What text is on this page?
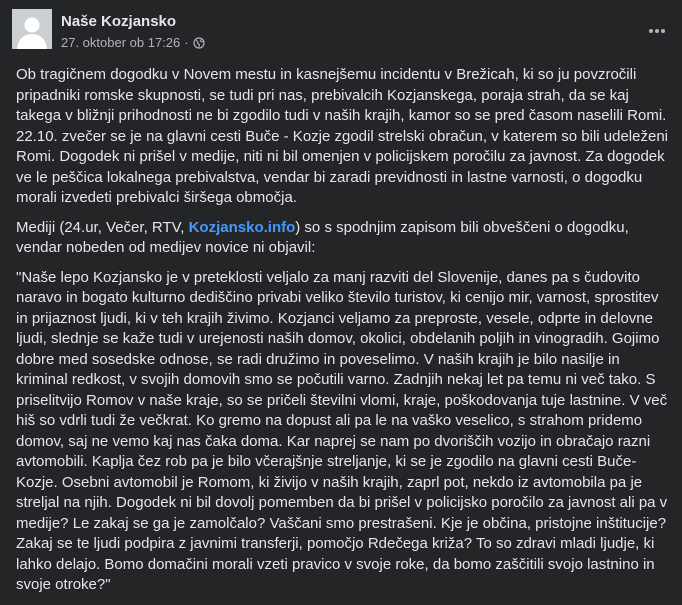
Naše Kozjansko
27. oktober ob 17:26 ·

Ob tragičnem dogodku v Novem mestu in kasnejšemu incidentu v Brežicah, ki so ju povzročili pripadniki romske skupnosti, se tudi pri nas, prebivalcih Kozjanskega, poraja strah, da se kaj takega v bližnji prihodnosti ne bi zgodilo tudi v naših krajih, kamor so se pred časom naselili Romi. 22.10. zvečer se je na glavni cesti Buče - Kozje zgodil strelski obračun, v katerem so bili udeleženi Romi. Dogodek ni prišel v medije, niti ni bil omenjen v policijskem poročilu za javnost. Za dogodek ve le peščica lokalnega prebivalstva, vendar bi zaradi previdnosti in lastne varnosti, o dogodku morali izvedeti prebivalci širšega območja.

Mediji (24.ur, Večer, RTV, Kozjansko.info) so s spodnjim zapisom bili obveščeni o dogodku, vendar nobeden od medijev novice ni objavil:

"Naše lepo Kozjansko je v preteklosti veljalo za manj razviti del Slovenije, danes pa s čudovito naravo in bogato kulturno dediščino privabi veliko število turistov, ki cenijo mir, varnost, sprostitev in prijaznost ljudi, ki v teh krajih živimo. Kozjanci veljamo za preproste, vesele, odprte in delovne ljudi, slednje se kaže tudi v urejenosti naših domov, okolici, obdelanih poljih in vinogradih. Gojimo dobre med sosedske odnose, se radi družimo in poveselimo. V naših krajih je bilo nasilje in kriminal redkost, v svojih domovih smo se počutili varno. Zadnjih nekaj let pa temu ni več tako. S priselitvijo Romov v naše kraje, so se pričeli številni vlomi, kraje, poškodovanja tuje lastnine. V več hiš so vdrli tudi že večkrat. Ko gremo na dopust ali pa le na vaško veselico, s strahom pridemo domov, saj ne vemo kaj nas čaka doma. Kar naprej se nam po dvoriščih vozijo in obračajo razni avtomobili. Kaplja čez rob pa je bilo včerajšnje streljanje, ki se je zgodilo na glavni cesti Buče-Kozje. Osebni avtomobil je Romom, ki živijo v naših krajih, zaprl pot, nekdo iz avtomobila pa je streljal na njih. Dogodek ni bil dovolj pomemben da bi prišel v policijsko poročilo za javnost ali pa v medije? Le zakaj se ga je zamolčalo? Vaščani smo prestrašeni. Kje je občina, pristojne inštitucije? Zakaj se te ljudi podpira z javnimi transferji, pomočjo Rdečega križa? To so zdravi mladi ljudje, ki lahko delajo. Bomo domačini morali vzeti pravico v svoje roke, da bomo zaščitili svojo lastnino in svoje otroke?"
